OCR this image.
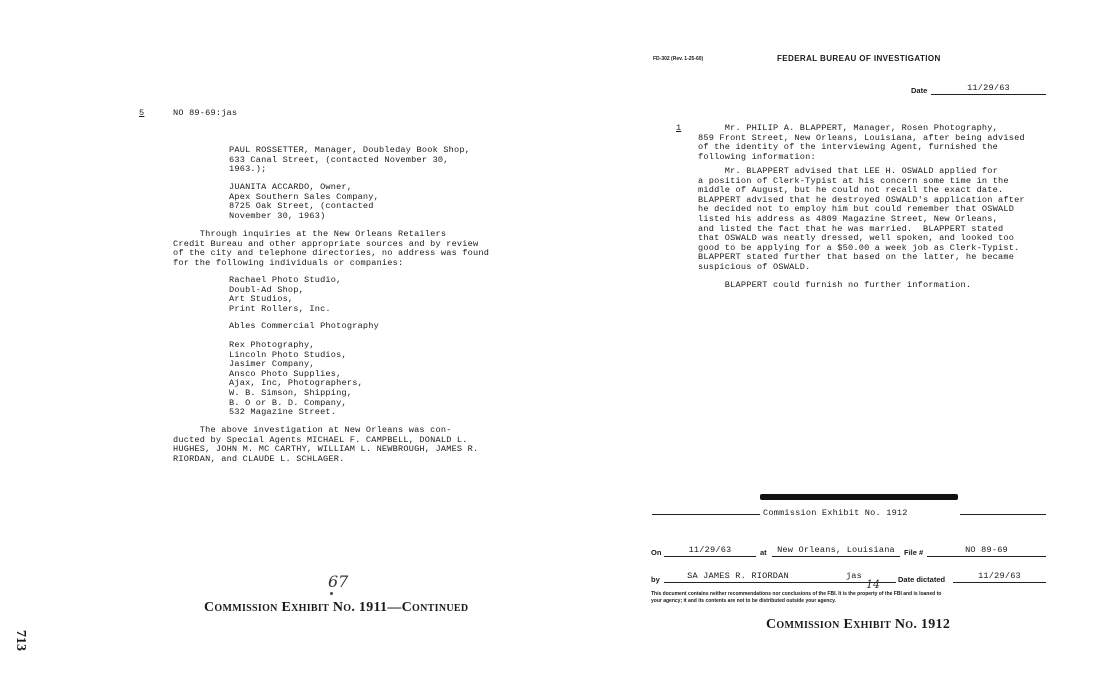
5	NO 89-69:jas
PAUL ROSSETTER, Manager, Doubleday Book Shop,
633 Canal Street, (contacted November 30,
1963.);
JUANITA ACCARDO, Owner,
Apex Southern Sales Company,
8725 Oak Street, (contacted
November 30, 1963)
Through inquiries at the New Orleans Retailers
Credit Bureau and other appropriate sources and by review
of the city and telephone directories, no address was found
for the following individuals or companies:
Rachael Photo Studio,
Doubl-Ad Shop,
Art Studios,
Print Rollers, Inc.
Ables Commercial Photography
Rex Photography,
Lincoln Photo Studios,
Jasimer Company,
Ansco Photo Supplies,
Ajax, Inc, Photographers,
W. B. Simson, Shipping,
B. O or B. D. Company,
532 Magazine Street.
The above investigation at New Orleans was con-
ducted by Special Agents MICHAEL F. CAMPBELL, DONALD L.
HUGHES, JOHN M. MC CARTHY, WILLIAM L. NEWBROUGH, JAMES R.
RIORDAN, and CLAUDE L. SCHLAGER.
67
Commission Exhibit No. 1911—Continued
713
FD-302 (Rev. 1-25-60)	FEDERAL BUREAU OF INVESTIGATION
Date	11/29/63
1	Mr. PHILIP A. BLAPPERT, Manager, Rosen Photography,
859 Front Street, New Orleans, Louisiana, after being advised
of the identity of the interviewing Agent, furnished the
following information:
Mr. BLAPPERT advised that LEE H. OSWALD applied for
a position of Clerk-Typist at his concern some time in the
middle of August, but he could not recall the exact date.
BLAPPERT advised that he destroyed OSWALD's application after
he decided not to employ him but could remember that OSWALD
listed his address as 4809 Magazine Street, New Orleans,
and listed the fact that he was married.  BLAPPERT stated
that OSWALD was neatly dressed, well spoken, and looked too
good to be applying for a $50.00 a week job as Clerk-Typist.
BLAPPERT stated further that based on the latter, he became
suspicious of OSWALD.
BLAPPERT could furnish no further information.
Commission Exhibit No. 1912
On	11/29/63	at	New Orleans, Louisiana	File #	NO 89-69
by	SA JAMES R. RIORDAN	jas	Date dictated	11/29/63
14
This document contains neither recommendations nor conclusions of the FBI. It is the property of the FBI and is loaned to
your agency; it and its contents are not to be distributed outside your agency.
Commission Exhibit No. 1912
